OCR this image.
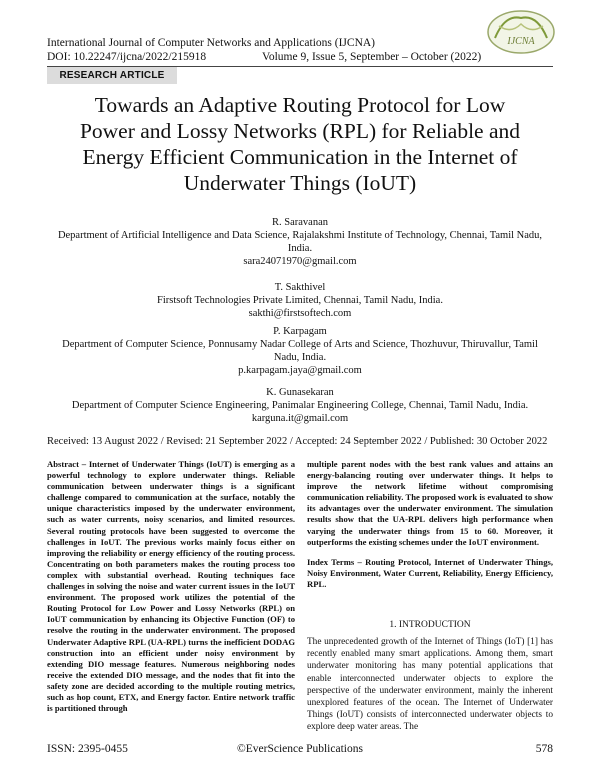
International Journal of Computer Networks and Applications (IJCNA)
DOI: 10.22247/ijcna/2022/215918	Volume 9, Issue 5, September – October (2022)
IJCNA
RESEARCH ARTICLE
Towards an Adaptive Routing Protocol for Low
Power and Lossy Networks (RPL) for Reliable and
Energy Efficient Communication in the Internet of
Underwater Things (IoUT)
R. Saravanan
Department of Artificial Intelligence and Data Science, Rajalakshmi Institute of Technology, Chennai, Tamil Nadu,
India.
sara24071970@gmail.com
T. Sakthivel
Firstsoft Technologies Private Limited, Chennai, Tamil Nadu, India.
sakthi@firstsoftech.com
P. Karpagam
Department of Computer Science, Ponnusamy Nadar College of Arts and Science, Thozhuvur, Thiruvallur, Tamil
Nadu, India.
p.karpagam.jaya@gmail.com
K. Gunasekaran
Department of Computer Science Engineering, Panimalar Engineering College, Chennai, Tamil Nadu, India.
karguna.it@gmail.com
Received: 13 August 2022 / Revised: 21 September 2022 / Accepted: 24 September 2022 / Published: 30 October 2022
Abstract – Internet of Underwater Things (IoUT) is emerging as a powerful technology to explore underwater things. Reliable communication between underwater things is a significant challenge compared to communication at the surface, notably the unique characteristics imposed by the underwater environment, such as water currents, noisy scenarios, and limited resources. Several routing protocols have been suggested to overcome the challenges in IoUT. The previous works mainly focus either on improving the reliability or energy efficiency of the routing process. Concentrating on both parameters makes the routing process too complex with substantial overhead. Routing techniques face challenges in solving the noise and water current issues in the IoUT environment. The proposed work utilizes the potential of the Routing Protocol for Low Power and Lossy Networks (RPL) on IoUT communication by enhancing its Objective Function (OF) to resolve the routing in the underwater environment. The proposed Underwater Adaptive RPL (UA-RPL) turns the inefficient DODAG construction into an efficient under noisy environment by extending DIO message features. Numerous neighboring nodes receive the extended DIO message, and the nodes that fit into the safety zone are decided according to the multiple routing metrics, such as hop count, ETX, and Energy factor. Entire network traffic is partitioned through
multiple parent nodes with the best rank values and attains an energy-balancing routing over underwater things. It helps to improve the network lifetime without compromising communication reliability. The proposed work is evaluated to show its advantages over the underwater environment. The simulation results show that the UA-RPL delivers high performance when varying the underwater things from 15 to 60. Moreover, it outperforms the existing schemes under the IoUT environment.
Index Terms – Routing Protocol, Internet of Underwater Things, Noisy Environment, Water Current, Reliability, Energy Efficiency, RPL.
1. INTRODUCTION
The unprecedented growth of the Internet of Things (IoT) [1] has recently enabled many smart applications. Among them, smart underwater monitoring has many potential applications that enable interconnected underwater objects to explore the perspective of the underwater environment, mainly the inherent unexplored features of the ocean. The Internet of Underwater Things (IoUT) consists of interconnected underwater objects to explore deep water areas. The
ISSN: 2395-0455	©EverScience Publications	578
